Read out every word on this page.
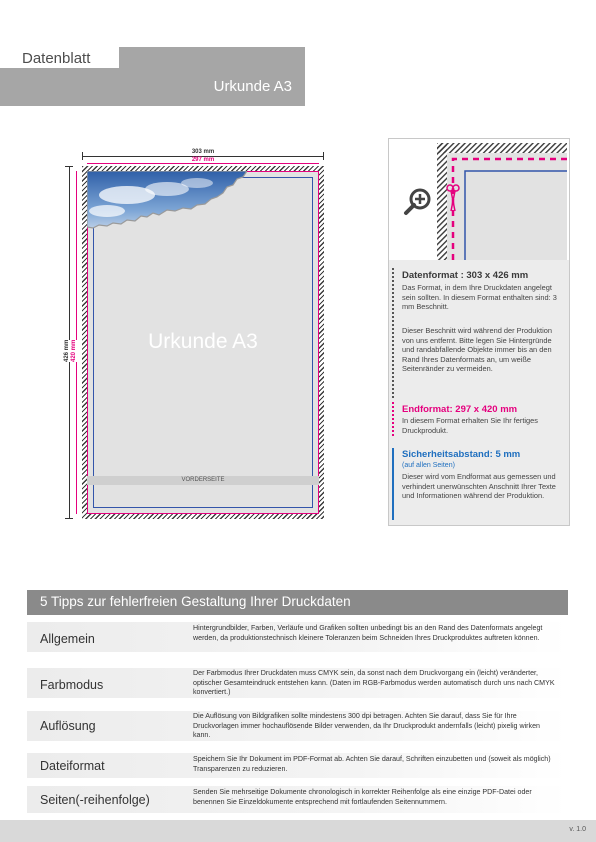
Datenblatt
Urkunde A3
303 mm
297 mm
426 mm 420 mm	Urkunde A3
VORDERSEITE
Datenformat : 303 x 426 mm
Das Format, in dem Ihre Druckdaten angelegt sein sollten. In diesem Format enthalten sind: 3 mm Beschnitt.
Dieser Beschnitt wird während der Produktion von uns entfernt. Bitte legen Sie Hintergründe und randabfallende Objekte immer bis an den Rand Ihres Datenformats an, um weiße Seitenränder zu vermeiden.
Endformat: 297 x 420 mm
In diesem Format erhalten Sie Ihr fertiges Druckprodukt.
Sicherheitsabstand: 5 mm
(auf allen Seiten)
Dieser wird vom Endformat aus gemessen und verhindert unerwünschten Anschnitt Ihrer Texte und Informationen während der Produktion.
5 Tipps zur fehlerfreien Gestaltung Ihrer Druckdaten
Allgemein
Hintergrundbilder, Farben, Verläufe und Grafiken sollten unbedingt bis an den Rand des Datenformats angelegt werden, da produktionstechnisch kleinere Toleranzen beim Schneiden Ihres Druckproduktes auftreten können.
Farbmodus
Der Farbmodus Ihrer Druckdaten muss CMYK sein, da sonst nach dem Druckvorgang ein (leicht) veränderter, optischer Gesamteindruck entstehen kann. (Daten im RGB-Farbmodus werden automatisch durch uns nach CMYK konvertiert.)
Auflösung
Die Auflösung von Bildgrafiken sollte mindestens 300 dpi betragen. Achten Sie darauf, dass Sie für Ihre Druckvorlagen immer hochauflösende Bilder verwenden, da Ihr Druckprodukt andernfalls (leicht) pixelig wirken kann.
Dateiformat	Speichern Sie Ihr Dokument im PDF-Format ab. Achten Sie darauf, Schriften einzubetten und (soweit als möglich) Transparenzen zu reduzieren.
Seiten(-reihenfolge)
Senden Sie mehrseitige Dokumente chronologisch in korrekter Reihenfolge als eine einzige PDF-Datei oder benennen Sie Einzeldokumente entsprechend mit fortlaufenden Seitennummern.
v. 1.0
